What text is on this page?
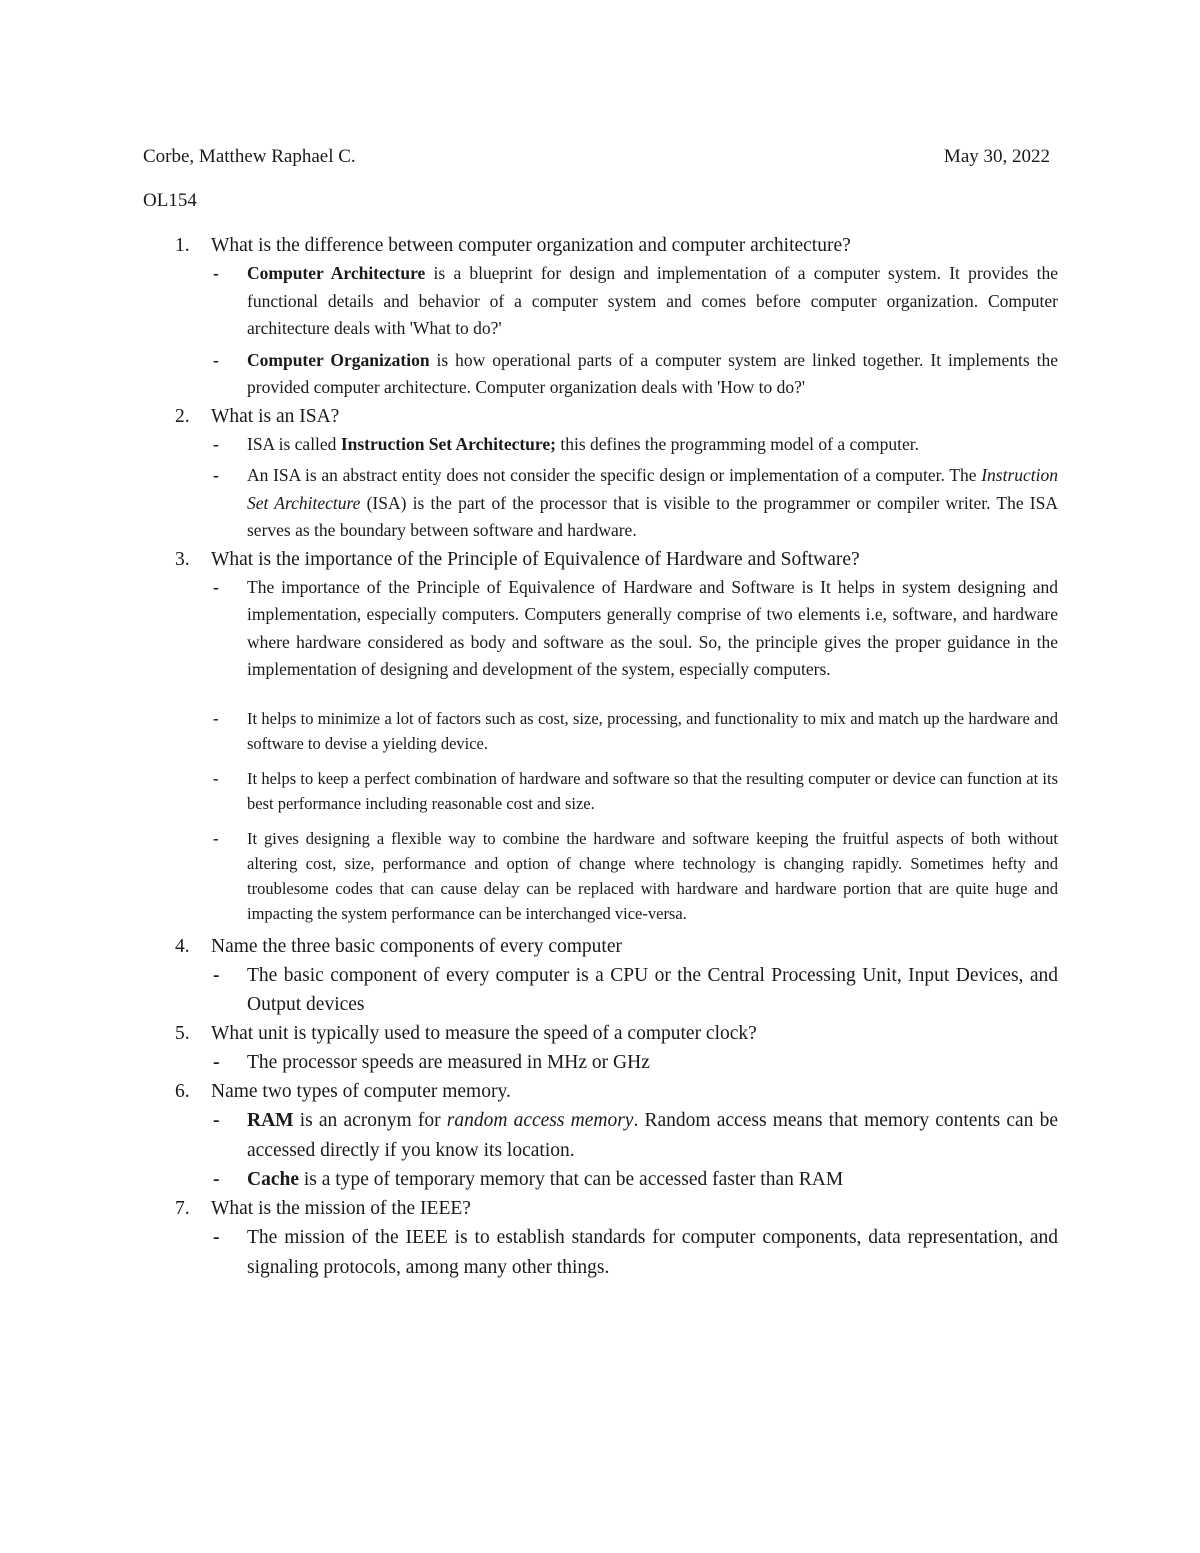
Corbe, Matthew Raphael C.	May 30, 2022
OL154
1. What is the difference between computer organization and computer architecture?
- Computer Architecture is a blueprint for design and implementation of a computer system. It provides the functional details and behavior of a computer system and comes before computer organization. Computer architecture deals with 'What to do?'
- Computer Organization is how operational parts of a computer system are linked together. It implements the provided computer architecture. Computer organization deals with 'How to do?'
2. What is an ISA?
- ISA is called Instruction Set Architecture; this defines the programming model of a computer.
- An ISA is an abstract entity does not consider the specific design or implementation of a computer. The Instruction Set Architecture (ISA) is the part of the processor that is visible to the programmer or compiler writer. The ISA serves as the boundary between software and hardware.
3. What is the importance of the Principle of Equivalence of Hardware and Software?
- The importance of the Principle of Equivalence of Hardware and Software is It helps in system designing and implementation, especially computers. Computers generally comprise of two elements i.e, software, and hardware where hardware considered as body and software as the soul. So, the principle gives the proper guidance in the implementation of designing and development of the system, especially computers.
- It helps to minimize a lot of factors such as cost, size, processing, and functionality to mix and match up the hardware and software to devise a yielding device.
- It helps to keep a perfect combination of hardware and software so that the resulting computer or device can function at its best performance including reasonable cost and size.
- It gives designing a flexible way to combine the hardware and software keeping the fruitful aspects of both without altering cost, size, performance and option of change where technology is changing rapidly. Sometimes hefty and troublesome codes that can cause delay can be replaced with hardware and hardware portion that are quite huge and impacting the system performance can be interchanged vice-versa.
4. Name the three basic components of every computer
- The basic component of every computer is a CPU or the Central Processing Unit, Input Devices, and Output devices
5. What unit is typically used to measure the speed of a computer clock?
- The processor speeds are measured in MHz or GHz
6. Name two types of computer memory.
- RAM is an acronym for random access memory. Random access means that memory contents can be accessed directly if you know its location.
- Cache is a type of temporary memory that can be accessed faster than RAM
7. What is the mission of the IEEE?
- The mission of the IEEE is to establish standards for computer components, data representation, and signaling protocols, among many other things.
